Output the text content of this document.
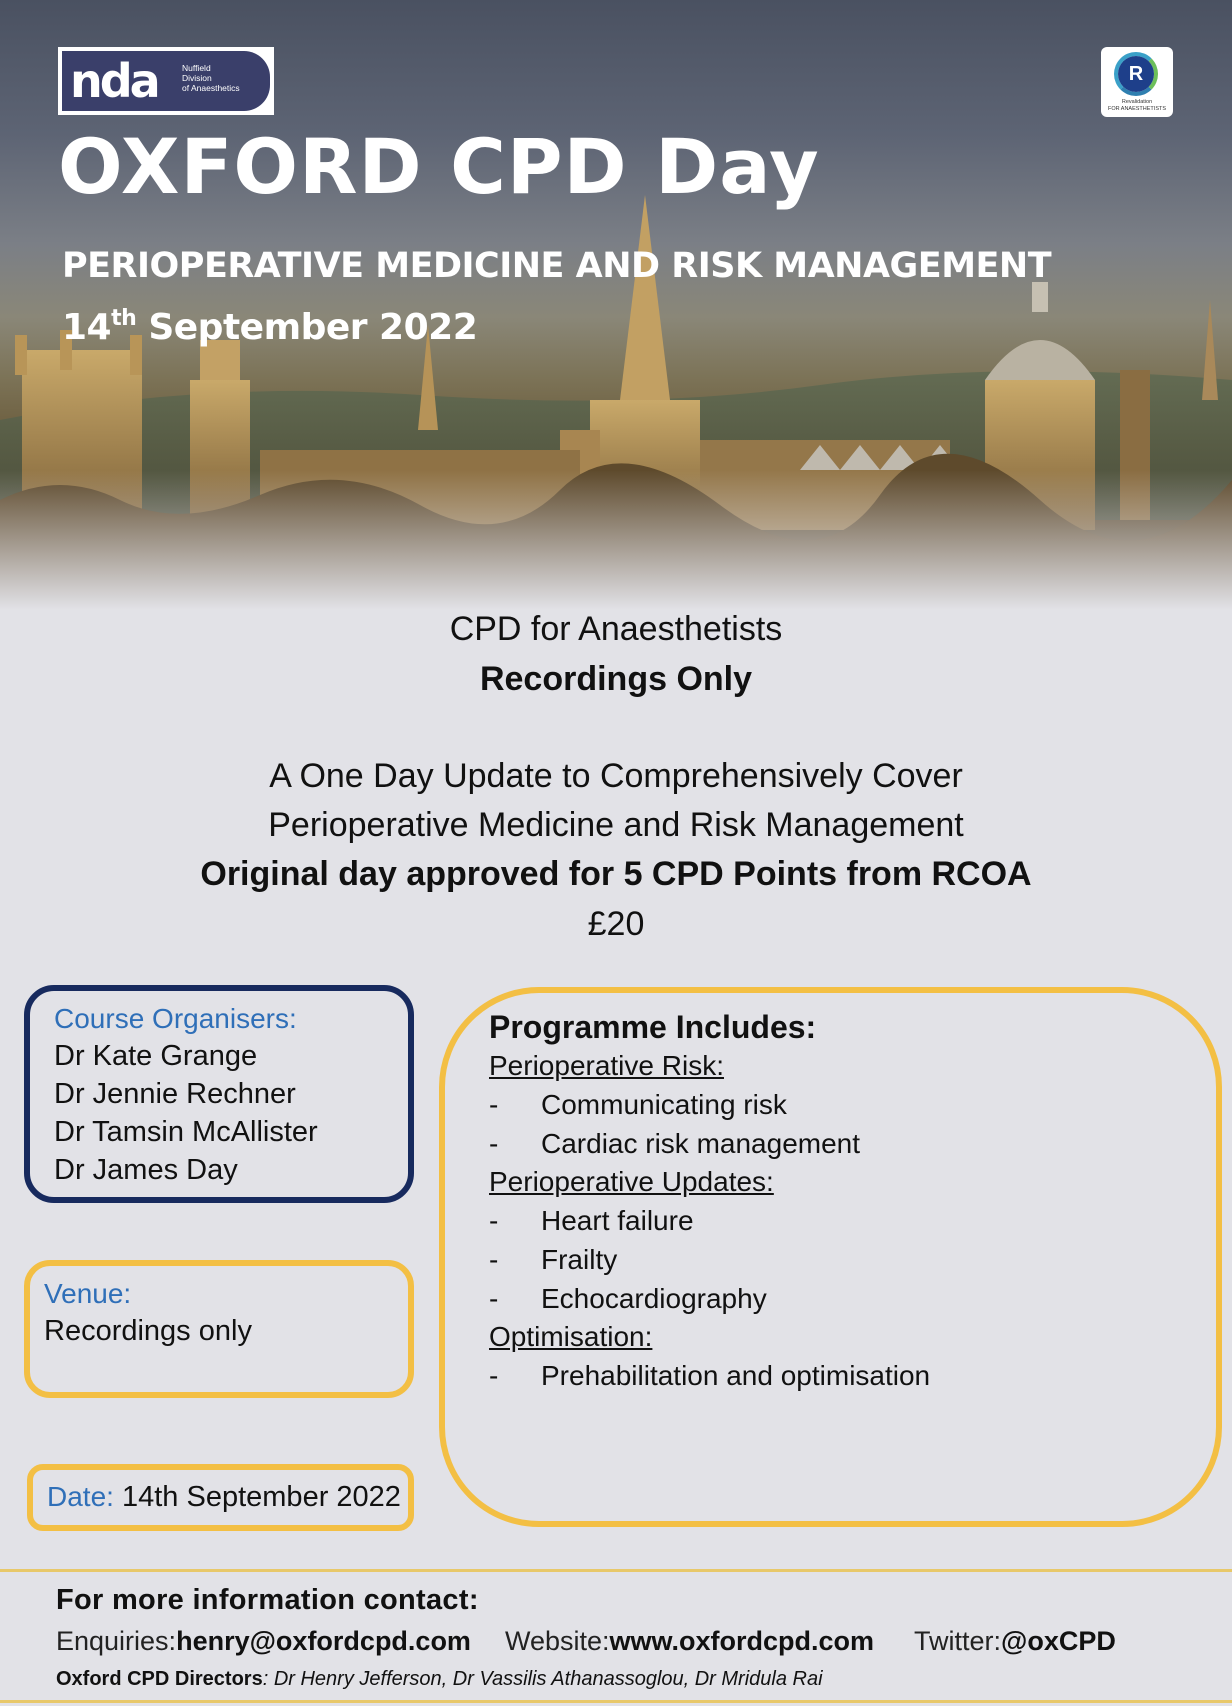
nda	Nuffield
Division
of Anaesthetics
R
Revalidation
FOR ANAESTHETISTS
OXFORD CPD Day
PERIOPERATIVE MEDICINE AND RISK MANAGEMENT
14th September 2022
CPD for Anaesthetists
Recordings Only
A One Day Update to Comprehensively Cover
Perioperative Medicine and Risk Management
Original day approved for 5 CPD Points from RCOA
£20
Course Organisers:
Dr Kate Grange
Dr Jennie Rechner
Dr Tamsin McAllister
Dr James Day
Venue:
Recordings only
Date: 14th September 2022
Programme Includes:
Perioperative Risk:
-	Communicating risk
-	Cardiac risk management
Perioperative Updates:
-	Heart failure
-	Frailty
-	Echocardiography
Optimisation:
-	Prehabilitation and optimisation
For more information contact:
Enquiries: henry@oxfordcpd.com Website: www.oxfordcpd.com Twitter: @oxCPD
Oxford CPD Directors: Dr Henry Jefferson, Dr Vassilis Athanassoglou, Dr Mridula Rai
